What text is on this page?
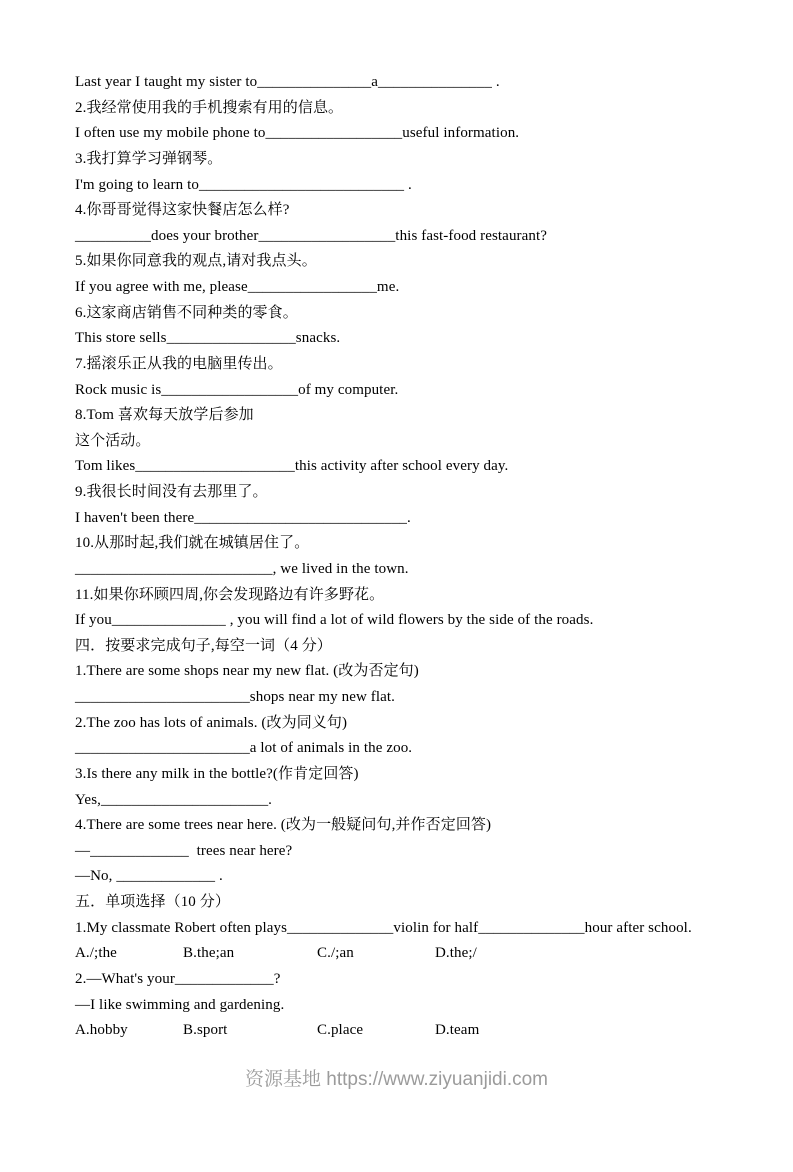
Last year I taught my sister to_______________a_______________ .
2.我经常使用我的手机搜索有用的信息。
I often use my mobile phone to__________________useful information.
3.我打算学习弹钢琴。
I'm going to learn to___________________________ .
4.你哥哥觉得这家快餐店怎么样?
__________does your brother__________________this fast-food restaurant?
5.如果你同意我的观点,请对我点头。
If you agree with me, please_________________me.
6.这家商店销售不同种类的零食。
This store sells_________________snacks.
7.摇滚乐正从我的电脑里传出。
Rock music is__________________of my computer.
8.Tom 喜欢每天放学后参加
这个活动。
Tom likes_____________________this activity after school every day.
9.我很长时间没有去那里了。
I haven't been there____________________________.
10.从那时起,我们就在城镇居住了。
__________________________, we lived in the town.
11.如果你环顾四周,你会发现路边有许多野花。
If you_______________ , you will find a lot of wild flowers by the side of the roads.
四．按要求完成句子,每空一词（4 分）
1.There are some shops near my new flat. (改为否定句)
_______________________shops near my new flat.
2.The zoo has lots of animals. (改为同义句)
_______________________a lot of animals in the zoo.
3.Is there any milk in the bottle?(作肯定回答)
Yes,______________________.
4.There are some trees near here. (改为一般疑问句,并作否定回答)
—_____________  trees near here?
—No, _____________ .
五．单项选择（10 分）
1.My classmate Robert often plays______________violin for half______________hour after school.

A./;the

	B.the;an

	C./;an

	D.the;/

2.—What's your_____________?
—I like swimming and gardening.

A.hobby

	B.sport

	C.place

	D.team

资源基地 https://www.ziyuanjidi.com
